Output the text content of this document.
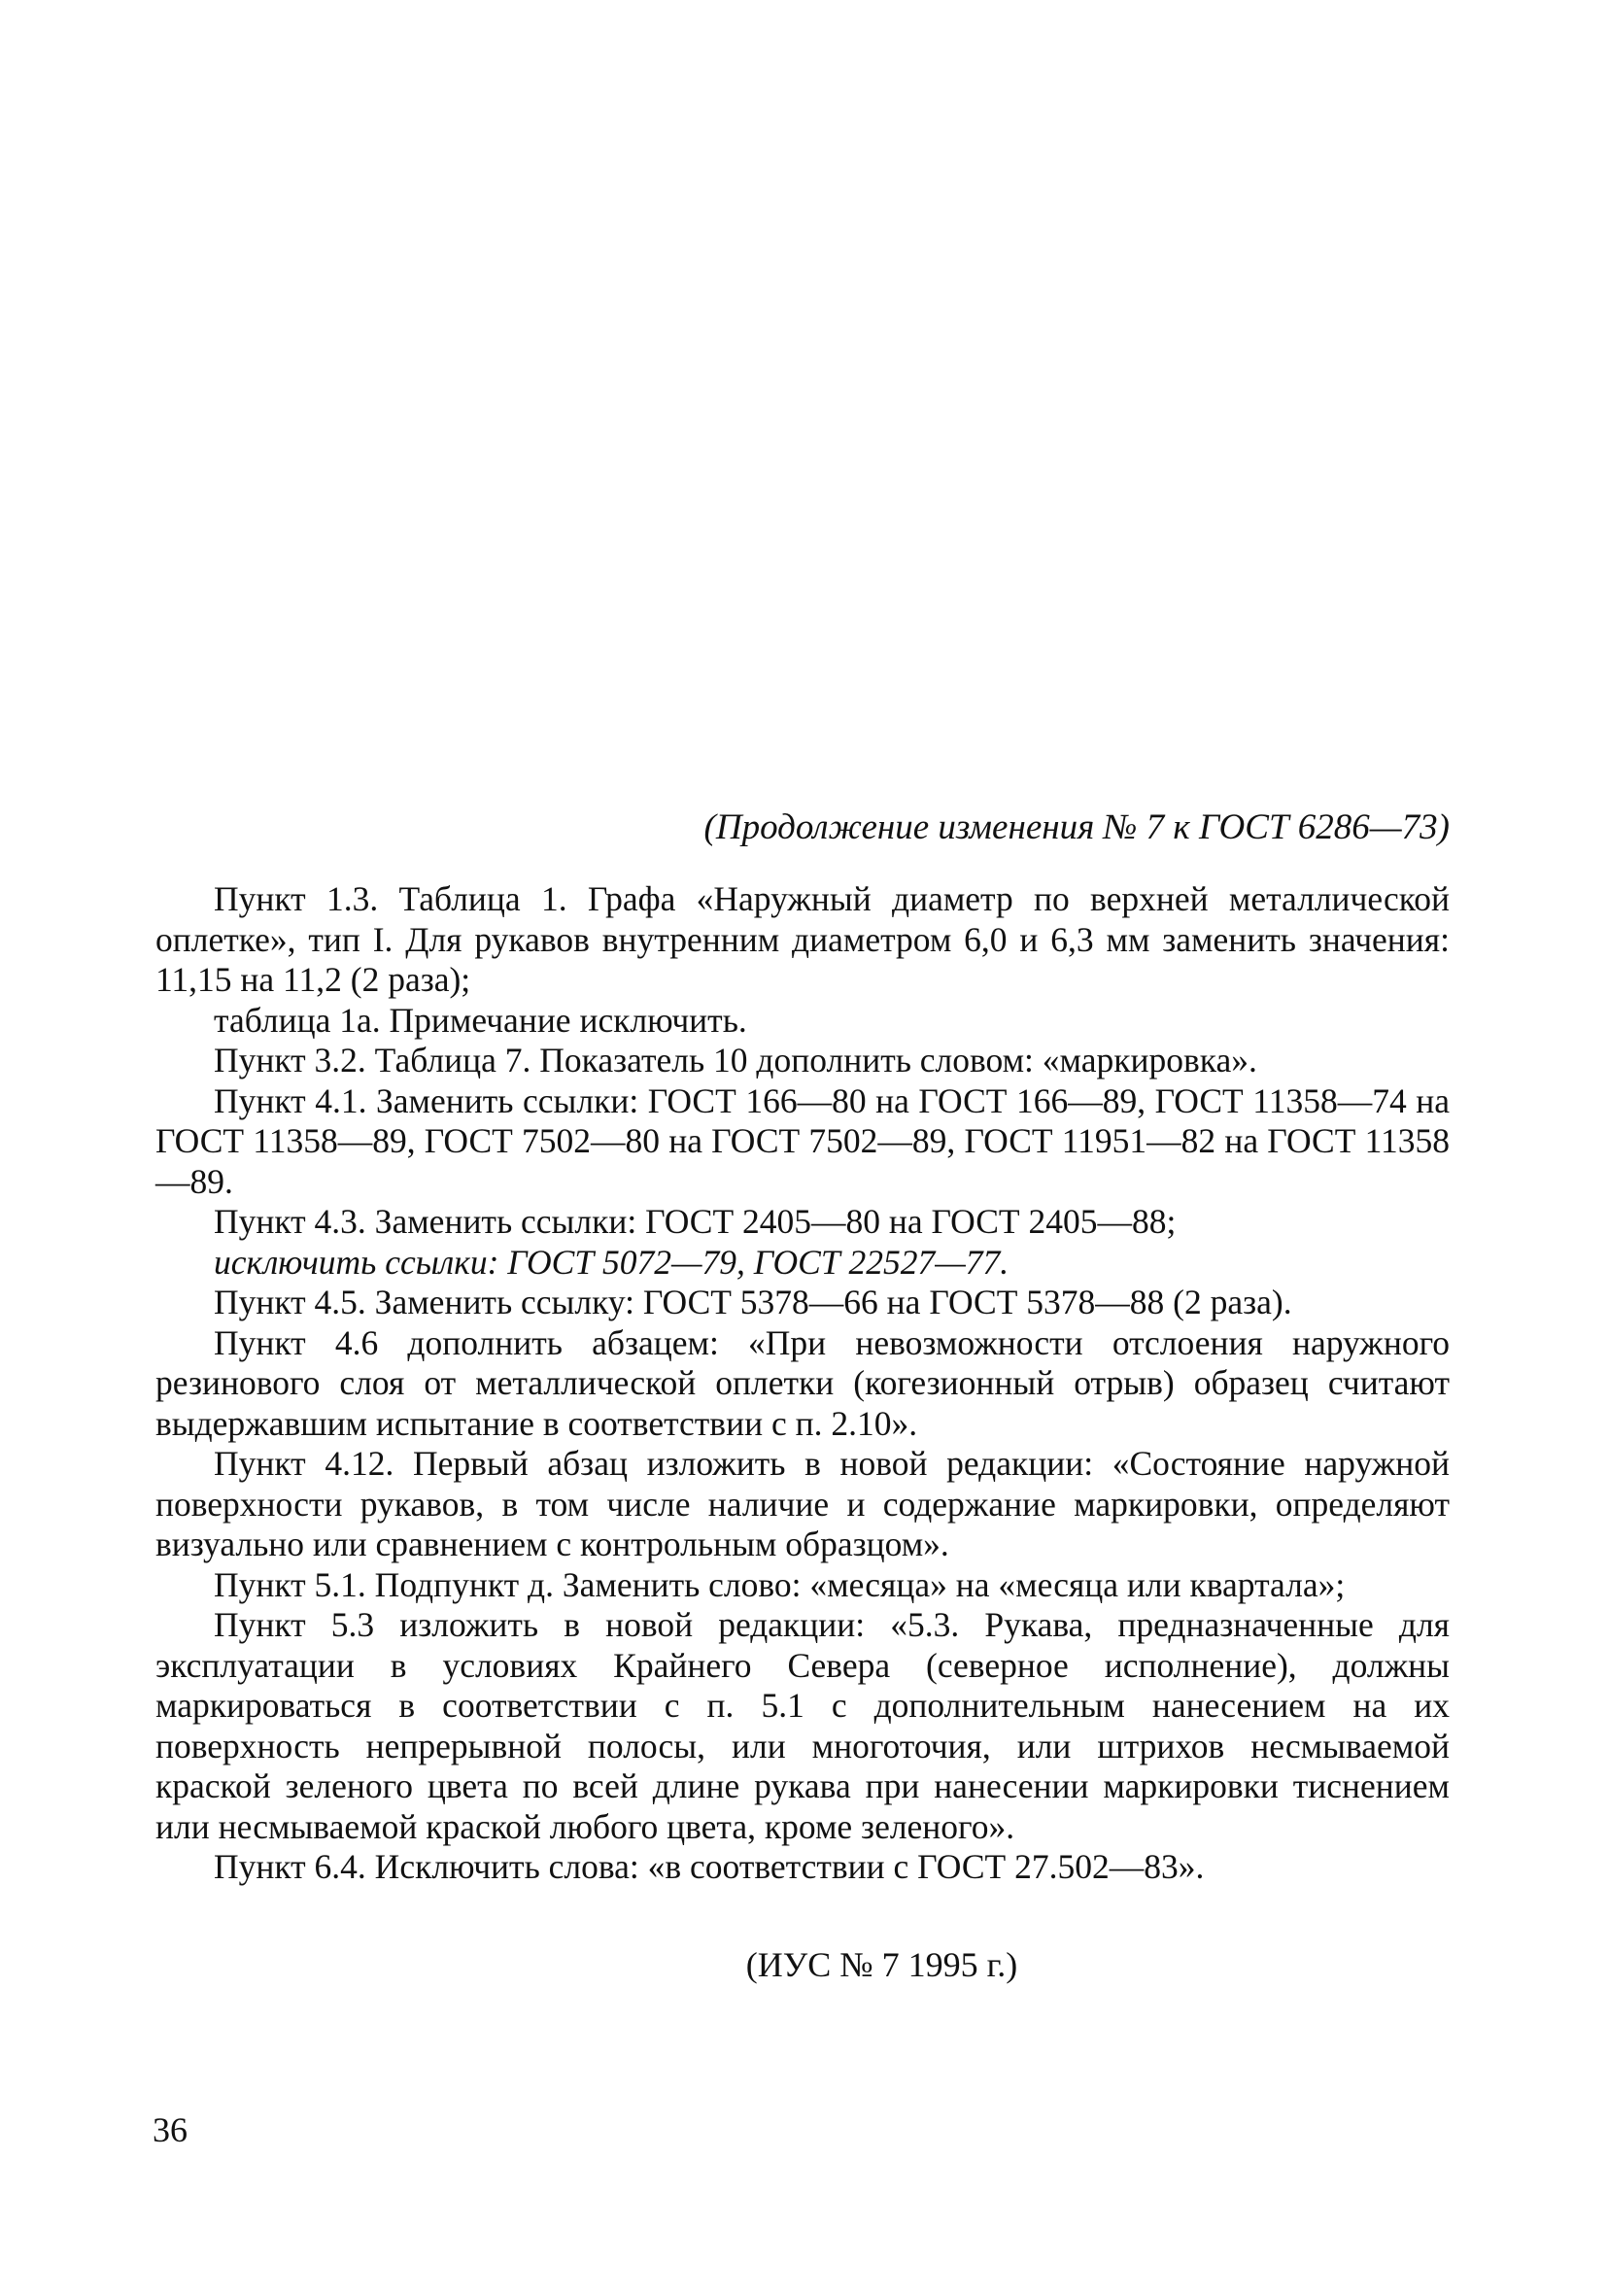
(Продолжение изменения № 7 к ГОСТ 6286—73)

Пункт 1.3. Таблица 1. Графа «Наружный диаметр по верхней металлической оплетке», тип I. Для рукавов внутренним диаметром 6,0 и 6,3 мм заменить значения: 11,15 на 11,2 (2 раза);

таблица 1а. Примечание исключить.

Пункт 3.2. Таблица 7. Показатель 10 дополнить словом: «маркировка».

Пункт 4.1. Заменить ссылки: ГОСТ 166—80 на ГОСТ 166—89, ГОСТ 11358—74 на ГОСТ 11358—89, ГОСТ 7502—80 на ГОСТ 7502—89, ГОСТ 11951—82 на ГОСТ 11358—89.

Пункт 4.3. Заменить ссылки: ГОСТ 2405—80 на ГОСТ 2405—88;

исключить ссылки: ГОСТ 5072—79, ГОСТ 22527—77.

Пункт 4.5. Заменить ссылку: ГОСТ 5378—66 на ГОСТ 5378—88 (2 раза).

Пункт 4.6 дополнить абзацем: «При невозможности отслоения наружного резинового слоя от металлической оплетки (когезионный отрыв) образец считают выдержавшим испытание в соответствии с п. 2.10».

Пункт 4.12. Первый абзац изложить в новой редакции: «Состояние наружной поверхности рукавов, в том числе наличие и содержание маркировки, определяют визуально или сравнением с контрольным образцом».

Пункт 5.1. Подпункт д. Заменить слово: «месяца» на «месяца или квартала»;

Пункт 5.3 изложить в новой редакции: «5.3. Рукава, предназначенные для эксплуатации в условиях Крайнего Севера (северное исполнение), должны маркироваться в соответствии с п. 5.1 с дополнительным нанесением на их поверхность непрерывной полосы, или многоточия, или штрихов несмываемой краской зеленого цвета по всей длине рукава при нанесении маркировки тиснением или несмываемой краской любого цвета, кроме зеленого».

Пункт 6.4. Исключить слова: «в соответствии с ГОСТ 27.502—83».

(ИУС № 7 1995 г.)
36
